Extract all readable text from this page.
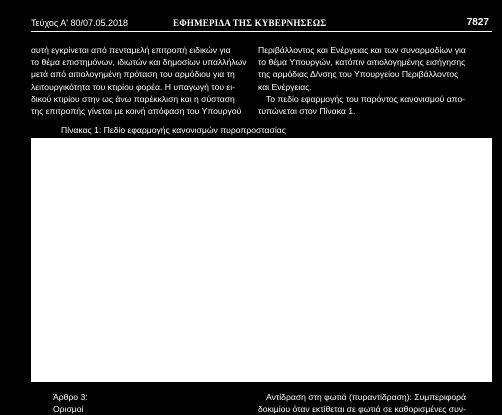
Τεύχος Α' 80/07.05.2018	ΕΦΗΜΕΡΙΔΑ ΤΗΣ ΚΥΒΕΡΝΗΣΕΩΣ	7827
αυτή εγκρίνεται από πενταμελή επιτροπή ειδικών για
το θέμα επιστημόνων, ιδιωτών και δημοσίων υπαλλήλων
μετά από αιτιολογημένη πρόταση του αρμόδιου για τη
λειτουργικότητα του κτιρίου φορέα. Η υπαγωγή του ει-
δικού κτιρίου στην ως άνω παρέκκλιση και η σύσταση
της επιτροπής γίνεται με κοινή απόφαση του Υπουργού
Περιβάλλοντος και Ενέργειας και των συναρμοδίων για
το θέμα Υπουργών, κατόπιν αιτιολογημένης εισήγησης
της αρμόδιας Δ/νσης του Υπουργείου Περιβάλλοντος
και Ενέργειας.
Το πεδίο εφαρμογής του παρόντος κανονισμού απο-
τυπώνεται στον Πίνακα 1.
Πίνακας 1: Πεδίο εφαρμογής κανονισμών πυροπροστασίας
Άρθρο 3:
Ορισμοί
Αντίδραση στη φωτιά (πυραντίδραση): Συμπεριφορά
δοκιμίου όταν εκτίθεται σε φωτιά σε καθορισμένες συν-
